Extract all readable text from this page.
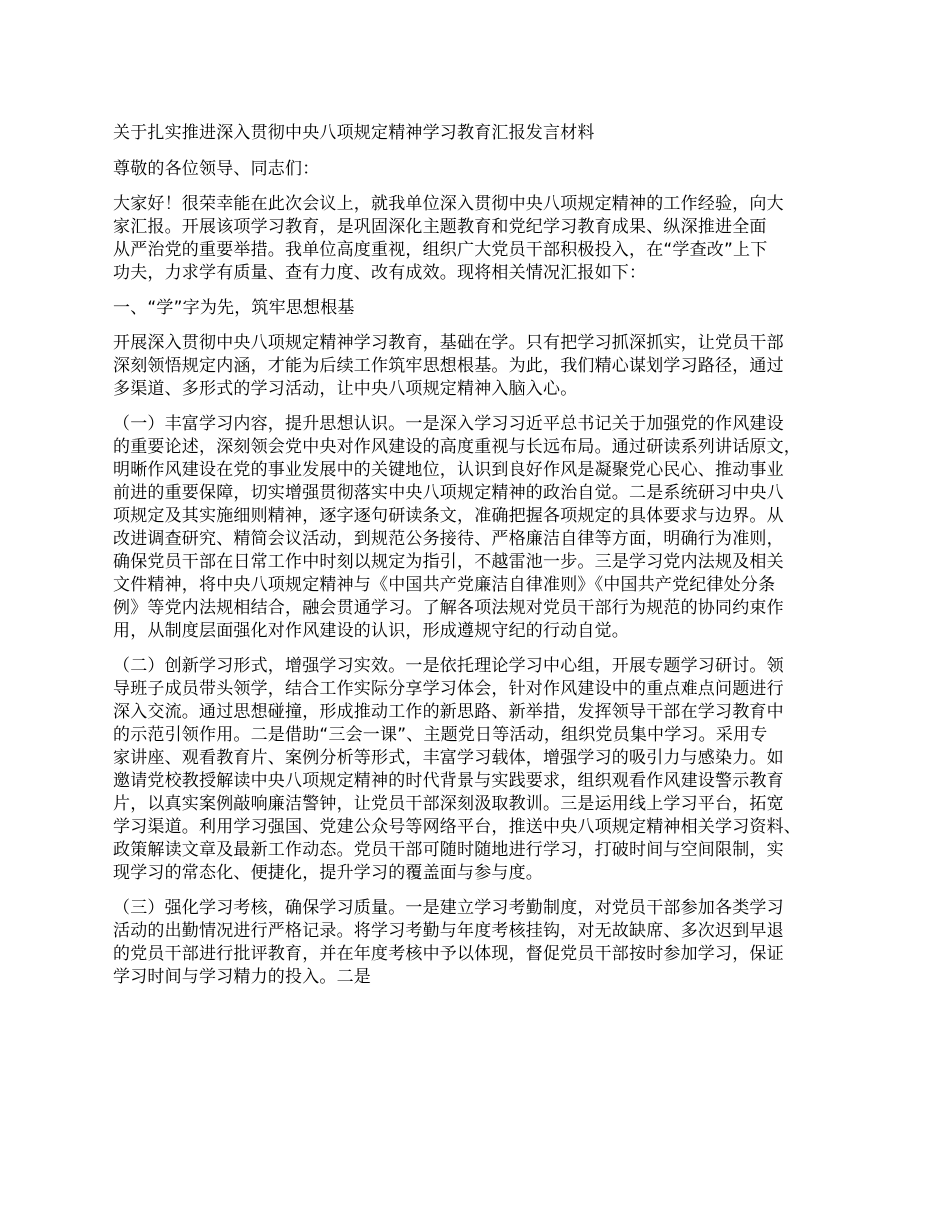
关于扎实推进深入贯彻中央八项规定精神学习教育汇报发言材料
尊敬的各位领导、同志们：
大家好！很荣幸能在此次会议上，就我单位深入贯彻中央八项规定精神的工作经验，向大
家汇报。开展该项学习教育，是巩固深化主题教育和党纪学习教育成果、纵深推进全面
从严治党的重要举措。我单位高度重视，组织广大党员干部积极投入，在“学查改”上下
功夫，力求学有质量、查有力度、改有成效。现将相关情况汇报如下：
一、“学”字为先，筑牢思想根基
开展深入贯彻中央八项规定精神学习教育，基础在学。只有把学习抓深抓实，让党员干部
深刻领悟规定内涵，才能为后续工作筑牢思想根基。为此，我们精心谋划学习路径，通过
多渠道、多形式的学习活动，让中央八项规定精神入脑入心。
（一）丰富学习内容，提升思想认识。一是深入学习习近平总书记关于加强党的作风建设
的重要论述，深刻领会党中央对作风建设的高度重视与长远布局。通过研读系列讲话原文，
明晰作风建设在党的事业发展中的关键地位，认识到良好作风是凝聚党心民心、推动事业
前进的重要保障，切实增强贯彻落实中央八项规定精神的政治自觉。二是系统研习中央八
项规定及其实施细则精神，逐字逐句研读条文，准确把握各项规定的具体要求与边界。从
改进调查研究、精简会议活动，到规范公务接待、严格廉洁自律等方面，明确行为准则，
确保党员干部在日常工作中时刻以规定为指引，不越雷池一步。三是学习党内法规及相关
文件精神，将中央八项规定精神与《中国共产党廉洁自律准则》《中国共产党纪律处分条
例》等党内法规相结合，融会贯通学习。了解各项法规对党员干部行为规范的协同约束作
用，从制度层面强化对作风建设的认识，形成遵规守纪的行动自觉。
（二）创新学习形式，增强学习实效。一是依托理论学习中心组，开展专题学习研讨。领
导班子成员带头领学，结合工作实际分享学习体会，针对作风建设中的重点难点问题进行
深入交流。通过思想碰撞，形成推动工作的新思路、新举措，发挥领导干部在学习教育中
的示范引领作用。二是借助“三会一课”、主题党日等活动，组织党员集中学习。采用专
家讲座、观看教育片、案例分析等形式，丰富学习载体，增强学习的吸引力与感染力。如
邀请党校教授解读中央八项规定精神的时代背景与实践要求，组织观看作风建设警示教育
片，以真实案例敲响廉洁警钟，让党员干部深刻汲取教训。三是运用线上学习平台，拓宽
学习渠道。利用学习强国、党建公众号等网络平台，推送中央八项规定精神相关学习资料、
政策解读文章及最新工作动态。党员干部可随时随地进行学习，打破时间与空间限制，实
现学习的常态化、便捷化，提升学习的覆盖面与参与度。
（三）强化学习考核，确保学习质量。一是建立学习考勤制度，对党员干部参加各类学习
活动的出勤情况进行严格记录。将学习考勤与年度考核挂钩，对无故缺席、多次迟到早退
的党员干部进行批评教育，并在年度考核中予以体现，督促党员干部按时参加学习，保证
学习时间与学习精力的投入。二是
